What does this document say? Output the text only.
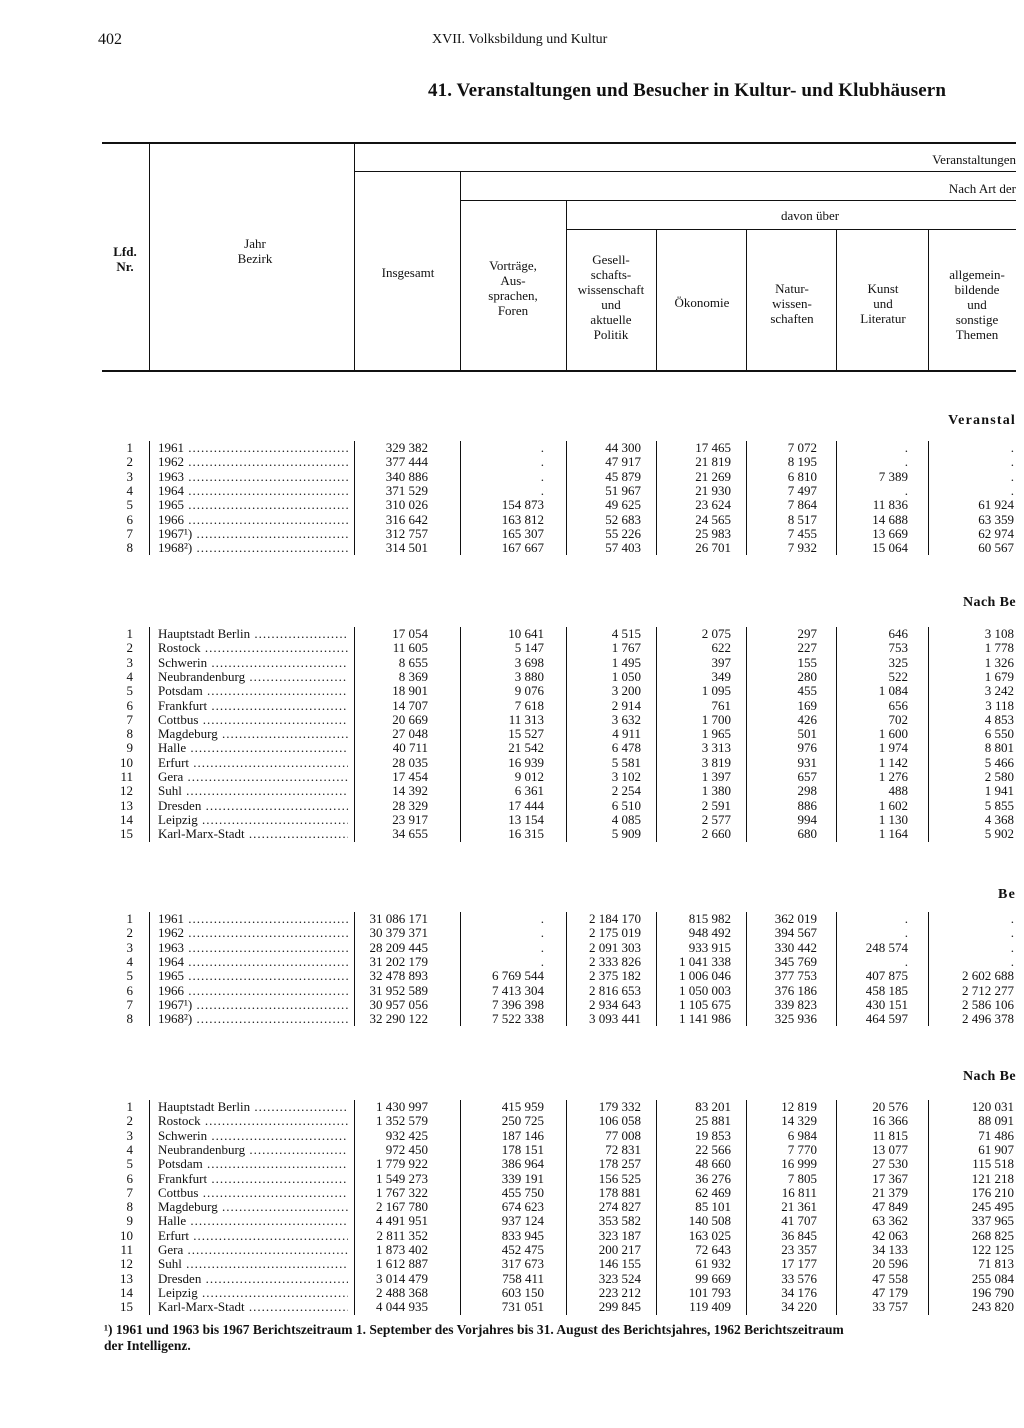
402	XVII. Volksbildung und Kultur
41. Veranstaltungen und Besucher in Kultur- und Klubhäusern
Lfd.
Nr.
Jahr
Bezirk
Veranstaltungen
Nach Art der
davon über
Insgesamt	Vorträge,
Aus-
sprachen,
Foren
Gesell-
schafts-
wissenschaft
und
aktuelle
Politik
Ökonomie
Natur-
wissen-
schaften
Kunst
und
Literatur
allgemein-
bildende
und
sonstige
Themen
Veranstal
Nach Be
Be
Nach Be
1 1961 .....	329 382	.	44 300	17 465	7 072	.	.
2 1962 .....	377 444	.	47 917	21 819	8 195	.	.
3 1963 .....	340 886	.	45 879	21 269	6 810	7 389	.
4 1964 .....	371 529	.	51 967	21 930	7 497	.	.
5 1965 .....	310 026	154 873	49 625	23 624	7 864	11 836	61 924
6 1966 .....	316 642	163 812	52 683	24 565	8 517	14 688	63 359
7 1967¹) .....	312 757	165 307	55 226	25 983	7 455	13 669	62 974
8 1968²) .....	314 501	167 667	57 403	26 701	7 932	15 064	60 567
1 Hauptstadt Berlin .....	17 054	10 641	4 515	2 075	297	646	3 108
2 Rostock .....	11 605	5 147	1 767	622	227	753	1 778
3 Schwerin .....	8 655	3 698	1 495	397	155	325	1 326
4 Neubrandenburg .....	8 369	3 880	1 050	349	280	522	1 679
5 Potsdam .....	18 901	9 076	3 200	1 095	455	1 084	3 242
6 Frankfurt .....	14 707	7 618	2 914	761	169	656	3 118
7 Cottbus .....	20 669	11 313	3 632	1 700	426	702	4 853
8 Magdeburg .....	27 048	15 527	4 911	1 965	501	1 600	6 550
9 Halle .....	40 711	21 542	6 478	3 313	976	1 974	8 801
10 Erfurt .....	28 035	16 939	5 581	3 819	931	1 142	5 466
11 Gera .....	17 454	9 012	3 102	1 397	657	1 276	2 580
12 Suhl .....	14 392	6 361	2 254	1 380	298	488	1 941
13 Dresden .....	28 329	17 444	6 510	2 591	886	1 602	5 855
14 Leipzig .....	23 917	13 154	4 085	2 577	994	1 130	4 368
15 Karl-Marx-Stadt .....	34 655	16 315	5 909	2 660	680	1 164	5 902
1 1961 .....	31 086 171	.	2 184 170	815 982	362 019	.	.
2 1962 .....	30 379 371	.	2 175 019	948 492	394 567	.	.
3 1963 .....	28 209 445	.	2 091 303	933 915	330 442	248 574	.
4 1964 .....	31 202 179	.	2 333 826	1 041 338	345 769	.	.
5 1965 .....	32 478 893	6 769 544	2 375 182	1 006 046	377 753	407 875	2 602 688
6 1966 .....	31 952 589	7 413 304	2 816 653	1 050 003	376 186	458 185	2 712 277
7 1967¹) .....	30 957 056	7 396 398	2 934 643	1 105 675	339 823	430 151	2 586 106
8 1968²) .....	32 290 122	7 522 338	3 093 441	1 141 986	325 936	464 597	2 496 378
1 Hauptstadt Berlin .....	1 430 997	415 959	179 332	83 201	12 819	20 576	120 031
2 Rostock .....	1 352 579	250 725	106 058	25 881	14 329	16 366	88 091
3 Schwerin .....	932 425	187 146	77 008	19 853	6 984	11 815	71 486
4 Neubrandenburg .....	972 450	178 151	72 831	22 566	7 770	13 077	61 907
5 Potsdam .....	1 779 922	386 964	178 257	48 660	16 999	27 530	115 518
6 Frankfurt .....	1 549 273	339 191	156 525	36 276	7 805	17 367	121 218
7 Cottbus .....	1 767 322	455 750	178 881	62 469	16 811	21 379	176 210
8 Magdeburg .....	2 167 780	674 623	274 827	85 101	21 361	47 849	245 495
9 Halle .....	4 491 951	937 124	353 582	140 508	41 707	63 362	337 965
10 Erfurt .....	2 811 352	833 945	323 187	163 025	36 845	42 063	268 825
11 Gera .....	1 873 402	452 475	200 217	72 643	23 357	34 133	122 125
12 Suhl .....	1 612 887	317 673	146 155	61 932	17 177	20 596	71 813
13 Dresden .....	3 014 479	758 411	323 524	99 669	33 576	47 558	255 084
14 Leipzig .....	2 488 368	603 150	223 212	101 793	34 176	47 179	196 790
15 Karl-Marx-Stadt .....	4 044 935	731 051	299 845	119 409	34 220	33 757	243 820
¹) 1961 und 1963 bis 1967 Berichtszeitraum 1. September des Vorjahres bis 31. August des Berichtsjahres, 1962 Berichtszeitraum
der Intelligenz.
